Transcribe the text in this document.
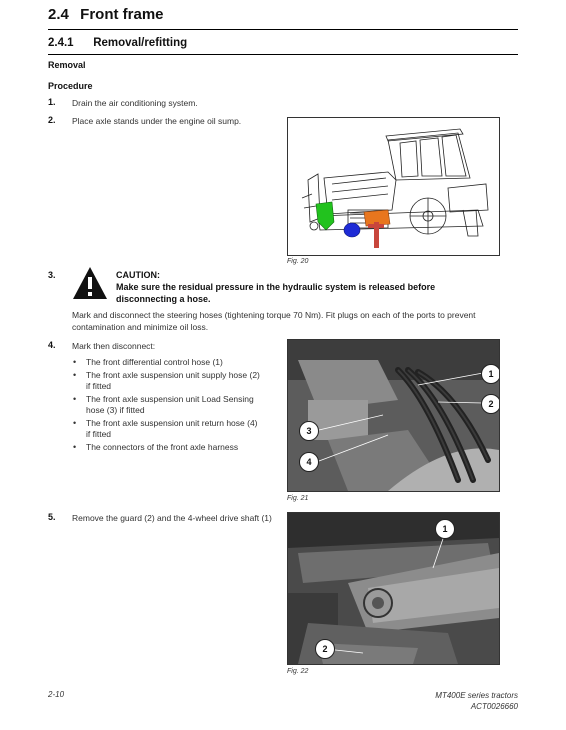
2.4 Front frame
2.4.1 Removal/refitting
Removal
Procedure
1. Drain the air conditioning system.
2. Place axle stands under the engine oil sump.
Fig. 20
3.	CAUTION:
Make sure the residual pressure in the hydraulic system is released before disconnecting a hose.
Mark and disconnect the steering hoses (tightening torque 70 Nm). Fit plugs on each of the ports to prevent contamination and minimize oil loss.
4. Mark then disconnect:
• The front differential control hose (1)
• The front axle suspension unit supply hose (2) if fitted
• The front axle suspension unit Load Sensing hose (3) if fitted
• The front axle suspension unit return hose (4) if fitted
• The connectors of the front axle harness
1
2
3
4
Fig. 21
5. Remove the guard (2) and the 4-wheel drive shaft (1)
1
2
Fig. 22
2-10	MT400E series tractors
ACT0026660
